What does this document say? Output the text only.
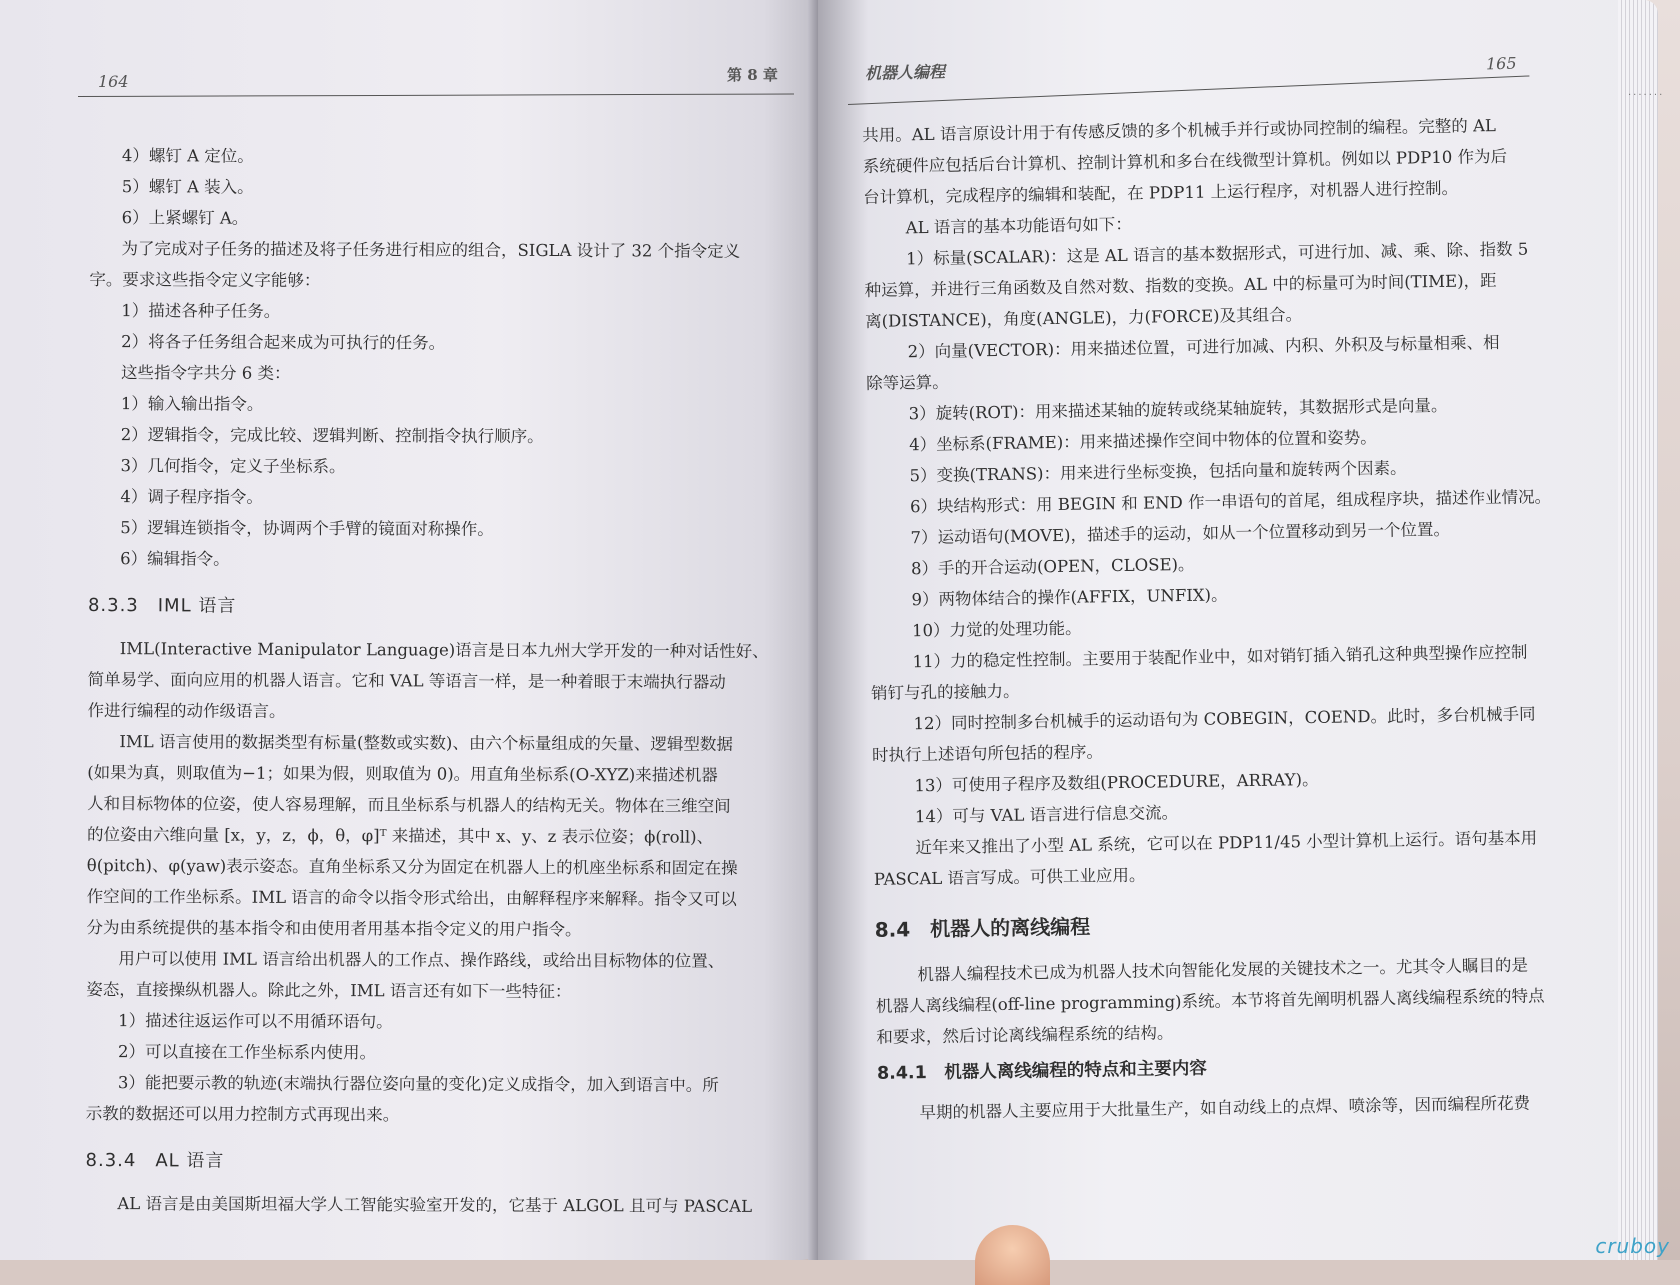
164	第 8 章
4）螺钉 A 定位。
5）螺钉 A 装入。
6）上紧螺钉 A。
为了完成对子任务的描述及将子任务进行相应的组合，SIGLA 设计了 32 个指令定义
字。要求这些指令定义字能够：
1）描述各种子任务。
2）将各子任务组合起来成为可执行的任务。
这些指令字共分 6 类：
1）输入输出指令。
2）逻辑指令，完成比较、逻辑判断、控制指令执行顺序。
3）几何指令，定义子坐标系。
4）调子程序指令。
5）逻辑连锁指令，协调两个手臂的镜面对称操作。
6）编辑指令。
8.3.3　IML 语言
IML(Interactive Manipulator Language)语言是日本九州大学开发的一种对话性好、
简单易学、面向应用的机器人语言。它和 VAL 等语言一样，是一种着眼于末端执行器动
作进行编程的动作级语言。
IML 语言使用的数据类型有标量(整数或实数)、由六个标量组成的矢量、逻辑型数据
(如果为真，则取值为−1；如果为假，则取值为 0)。用直角坐标系(O-XYZ)来描述机器
人和目标物体的位姿，使人容易理解，而且坐标系与机器人的结构无关。物体在三维空间
的位姿由六维向量 [x，y，z，ϕ，θ，φ]ᵀ 来描述，其中 x、y、z 表示位姿；ϕ(roll)、
θ(pitch)、φ(yaw)表示姿态。直角坐标系又分为固定在机器人上的机座坐标系和固定在操
作空间的工作坐标系。IML 语言的命令以指令形式给出，由解释程序来解释。指令又可以
分为由系统提供的基本指令和由使用者用基本指令定义的用户指令。
用户可以使用 IML 语言给出机器人的工作点、操作路线，或给出目标物体的位置、
姿态，直接操纵机器人。除此之外，IML 语言还有如下一些特征：
1）描述往返运作可以不用循环语句。
2）可以直接在工作坐标系内使用。
3）能把要示教的轨迹(末端执行器位姿向量的变化)定义成指令，加入到语言中。所
示教的数据还可以用力控制方式再现出来。
8.3.4　AL 语言
AL 语言是由美国斯坦福大学人工智能实验室开发的，它基于 ALGOL 且可与 PASCAL
机器人编程	165
·······
共用。AL 语言原设计用于有传感反馈的多个机械手并行或协同控制的编程。完整的 AL
系统硬件应包括后台计算机、控制计算机和多台在线微型计算机。例如以 PDP10 作为后
台计算机，完成程序的编辑和装配，在 PDP11 上运行程序，对机器人进行控制。
AL 语言的基本功能语句如下：
1）标量(SCALAR)：这是 AL 语言的基本数据形式，可进行加、减、乘、除、指数 5
种运算，并进行三角函数及自然对数、指数的变换。AL 中的标量可为时间(TIME)，距
离(DISTANCE)，角度(ANGLE)，力(FORCE)及其组合。
2）向量(VECTOR)：用来描述位置，可进行加减、内积、外积及与标量相乘、相
除等运算。
3）旋转(ROT)：用来描述某轴的旋转或绕某轴旋转，其数据形式是向量。
4）坐标系(FRAME)：用来描述操作空间中物体的位置和姿势。
5）变换(TRANS)：用来进行坐标变换，包括向量和旋转两个因素。
6）块结构形式：用 BEGIN 和 END 作一串语句的首尾，组成程序块，描述作业情况。
7）运动语句(MOVE)，描述手的运动，如从一个位置移动到另一个位置。
8）手的开合运动(OPEN，CLOSE)。
9）两物体结合的操作(AFFIX，UNFIX)。
10）力觉的处理功能。
11）力的稳定性控制。主要用于装配作业中，如对销钉插入销孔这种典型操作应控制
销钉与孔的接触力。
12）同时控制多台机械手的运动语句为 COBEGIN，COEND。此时，多台机械手同
时执行上述语句所包括的程序。
13）可使用子程序及数组(PROCEDURE，ARRAY)。
14）可与 VAL 语言进行信息交流。
近年来又推出了小型 AL 系统，它可以在 PDP11/45 小型计算机上运行。语句基本用
PASCAL 语言写成。可供工业应用。
8.4　机器人的离线编程
机器人编程技术已成为机器人技术向智能化发展的关键技术之一。尤其令人瞩目的是
机器人离线编程(off-line programming)系统。本节将首先阐明机器人离线编程系统的特点
和要求，然后讨论离线编程系统的结构。
8.4.1　机器人离线编程的特点和主要内容
早期的机器人主要应用于大批量生产，如自动线上的点焊、喷涂等，因而编程所花费
cruboy
